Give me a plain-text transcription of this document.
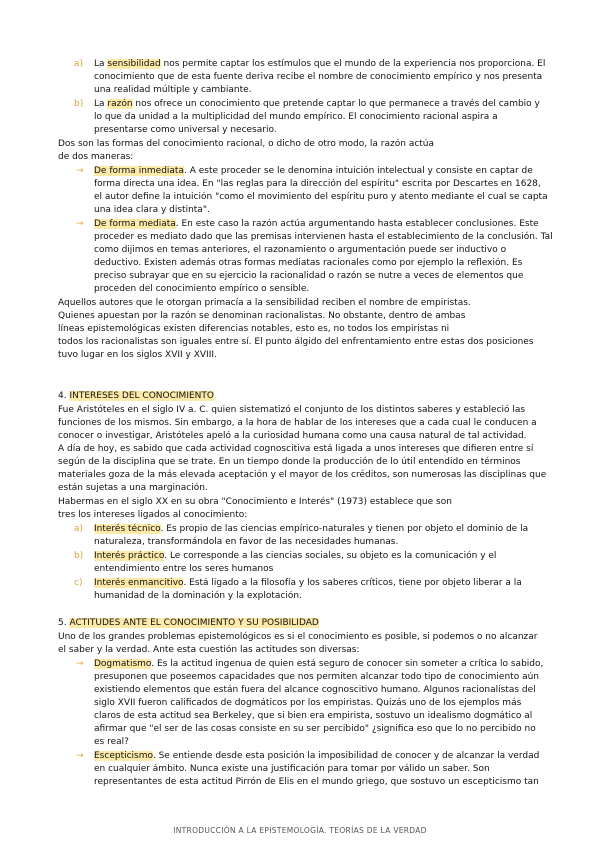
a) La sensibilidad nos permite captar los estímulos que el mundo de la experiencia nos proporciona. El
conocimiento que de esta fuente deriva recibe el nombre de conocimiento empírico y nos presenta
una realidad múltiple y cambiante.
b) La razón nos ofrece un conocimiento que pretende captar lo que permanece a través del cambio y
lo que da unidad a la multiplicidad del mundo empírico. El conocimiento racional aspira a
presentarse como universal y necesario.
Dos son las formas del conocimiento racional, o dicho de otro modo, la razón actúa
de dos maneras:
→ De forma inmediata. A este proceder se le denomina intuición intelectual y consiste en captar de
forma directa una idea. En "las reglas para la dirección del espíritu" escrita por Descartes en 1628,
el autor define la intuición "como el movimiento del espíritu puro y atento mediante el cual se capta
una idea clara y distinta".
→ De forma mediata. En este caso la razón actúa argumentando hasta establecer conclusiones. Este
proceder es mediato dado que las premisas intervienen hasta el establecimiento de la conclusión. Tal
como dijimos en temas anteriores, el razonamiento o argumentación puede ser inductivo o
deductivo. Existen además otras formas mediatas racionales como por ejemplo la reflexión. Es
preciso subrayar que en su ejercicio la racionalidad o razón se nutre a veces de elementos que
proceden del conocimiento empírico o sensible.
Aquellos autores que le otorgan primacía a la sensibilidad reciben el nombre de empiristas.
Quienes apuestan por la razón se denominan racionalistas. No obstante, dentro de ambas
líneas epistemológicas existen diferencias notables, esto es, no todos los empiristas ni
todos los racionalistas son iguales entre sí. El punto álgido del enfrentamiento entre estas dos posiciones
tuvo lugar en los siglos XVII y XVIII.
4. INTERESES DEL CONOCIMIENTO
Fue Aristóteles en el siglo IV a. C. quien sistematizó el conjunto de los distintos saberes y estableció las
funciones de los mismos. Sin embargo, a la hora de hablar de los intereses que a cada cual le conducen a
conocer o investigar, Aristóteles apeló a la curiosidad humana como una causa natural de tal actividad.
A día de hoy, es sabido que cada actividad cognoscitiva está ligada a unos intereses que difieren entre sí
según de la disciplina que se trate. En un tiempo donde la producción de lo útil entendido en términos
materiales goza de la más elevada aceptación y el mayor de los créditos, son numerosas las disciplinas que
están sujetas a una marginación.
Habermas en el siglo XX en su obra "Conocimiento e Interés" (1973) establece que son
tres los intereses ligados al conocimiento:
a) Interés técnico. Es propio de las ciencias empírico-naturales y tienen por objeto el dominio de la
naturaleza, transformándola en favor de las necesidades humanas.
b) Interés práctico. Le corresponde a las ciencias sociales, su objeto es la comunicación y el
entendimiento entre los seres humanos
c) Interés enmancitivo. Está ligado a la filosofía y los saberes críticos, tiene por objeto liberar a la
humanidad de la dominación y la explotación.
5. ACTITUDES ANTE EL CONOCIMIENTO Y SU POSIBILIDAD
Uno de los grandes problemas epistemológicos es si el conocimiento es posible, si podemos o no alcanzar
el saber y la verdad. Ante esta cuestión las actitudes son diversas:
→ Dogmatismo. Es la actitud ingenua de quien está seguro de conocer sin someter a crítica lo sabido,
presuponen que poseemos capacidades que nos permiten alcanzar todo tipo de conocimiento aún
existiendo elementos que están fuera del alcance cognoscitivo humano. Algunos racionalistas del
siglo XVII fueron calificados de dogmáticos por los empiristas. Quizás uno de los ejemplos más
claros de esta actitud sea Berkeley, que si bien era empirista, sostuvo un idealismo dogmático al
afirmar que "el ser de las cosas consiste en su ser percibido" ¿significa eso que lo no percibido no
es real?
→ Escepticismo. Se entiende desde esta posición la imposibilidad de conocer y de alcanzar la verdad
en cualquier ámbito. Nunca existe una justificación para tomar por válido un saber. Son
representantes de esta actitud Pirrón de Elis en el mundo griego, que sostuvo un escepticismo tan
INTRODUCCIÓN A LA EPISTEMOLOGÍA. TEORÍAS DE LA VERDAD
